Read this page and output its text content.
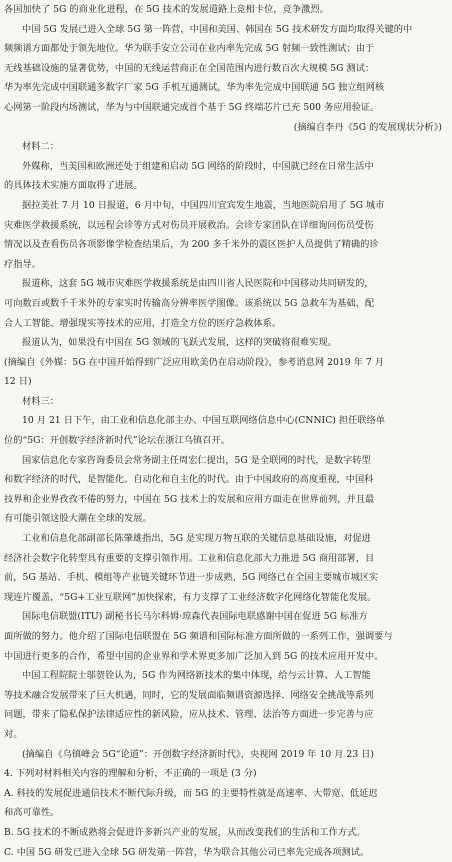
各国加快了 5G 的商业化进程，在 5G 技术的发展道路上竞相卡位，竞争激烈。
中国 5G 发展已进入全球 5G 第一阵营，中国和美国、韩国在 5G 技术研发方面均取得关键的中
频频谱方面都处于领先地位。华为联手安立公司在业内率先完成 5G 射频一致性测试；由于
无线基础设施的显著优势，中国的无线运营商正在全国范围内进行数百次大规模 5G 测试：
华为率先完成中国联通多数字厂家 5G 手机互通测试，华为率先完成中国联通 5G 独立组网核
心网第一阶段内场测试，华为与中国联通完成首个基于 5G 终端芯片已充 500 务应用验证。
(摘编自李丹《5G 的发展现状分析》)
材料二：
外媒称，当美国和欧洲还处于组建和启动 5G 网络的阶段时，中国就已经在日常生活中
的具体技术实施方面取得了进展。
据拉美社 7 月 10 日报道，6 月中旬，中国四川宜宾发生地震，当地医院启用了 5G 城市
灾难医学救援系统，以远程会诊等方式对伤员开展救治。会诊专家团队在详细询问伤员受伤
情况以及查看伤员各项影像学检查结果后，为 200 多千米外的震区医护人员提供了精确的诊
疗指导。
报道称，这套 5G 城市灾难医学救援系统是由四川省人民医院和中国移动共同研发的，
可向数百或数千千米外的专家实时传输高分辨率医学图像。该系统以 5G 急救车为基础，配
合人工智能、增强现实等技术的应用，打造全方位的医疗急救体系。
报道认为，如果没有中国在 5G 领域的飞跃式发展，这样的突破将很难实现。
(摘编自《外媒：5G 在中国开始得到广泛应用欧美仍在启动阶段》，参考消息网 2019 年 7 月
12 日)
材料三：
10 月 21 日下午，由工业和信息化部主办、中国互联网络信息中心(CNNIC) 担任联络单
位的“5G：开创数字经济新时代”论坛在浙江乌镇召开。
国家信息化专家咨询委员会常务副主任周宏仁提出，5G 是全联网的时代，是数字转型
和数字经济的时代，是智能化、自动化和自主化的时代。由于中国政府的高度重视，中国科
技界和企业界孜孜不倦的努力，中国在 5G 技术上的发展和应用方面走在世界前列，并且最
有可能引领这股大潮在全球的发展。
工业和信息化部副部长陈肇雄指出，5G 是实现万物互联的关键信息基础设施，对促进
经济社会数字化转型具有重要的支撑引领作用。工业和信息化部大力推进 5G 商用部署，目
前，5G 基站、手机、模组等产业链关键环节进一步成熟，5G 网络已在全国主要城市城区实
现连片覆盖，“5G+工业互联网”加快探索，有力支撑了工业经济数字化网络化智能化发展。
国际电信联盟(ITU) 副秘书长马尔科姆·琼森代表国际电联感谢中国在促进 5G 标准方
面所做的努力。他介绍了国际电信联盟在 5G 频谱和国际标准方面所做的一系列工作，强调要与
中国进行更多的合作，希望中国的企业界和学术界更多加广泛加入到 5G 的技术应用开发中。
中国工程院院士邬贺铨认为，5G 作为网络新技术的集中体现，给与云计算、人工智能
等技术融合发展带来了巨大机遇，同时，它的发展面临频谱资源选择、网络安全挑战等系列
问题，带来了隐私保护法律适应性的新风险，应从技术、管理、法治等方面进一步完善与应
对。
(摘编自《乌镇峰会 5G“论道”：开创数字经济新时代》，央视网 2019 年 10 月 23 日)
4. 下列对材料相关内容的理解和分析，不正确的一项是 (3 分)
A. 科技的发展促进通信技术不断代际升级，而 5G 的主要特性就是高速率、大带宽、低延迟
和高可靠性。
B. 5G 技术的不断成熟将会促进许多新兴产业的发展，从而改变我们的生活和工作方式。
C. 中国 5G 研发已进入全球 5G 研发第一阵营，华为联合其他公司已率先完成各项测试。
